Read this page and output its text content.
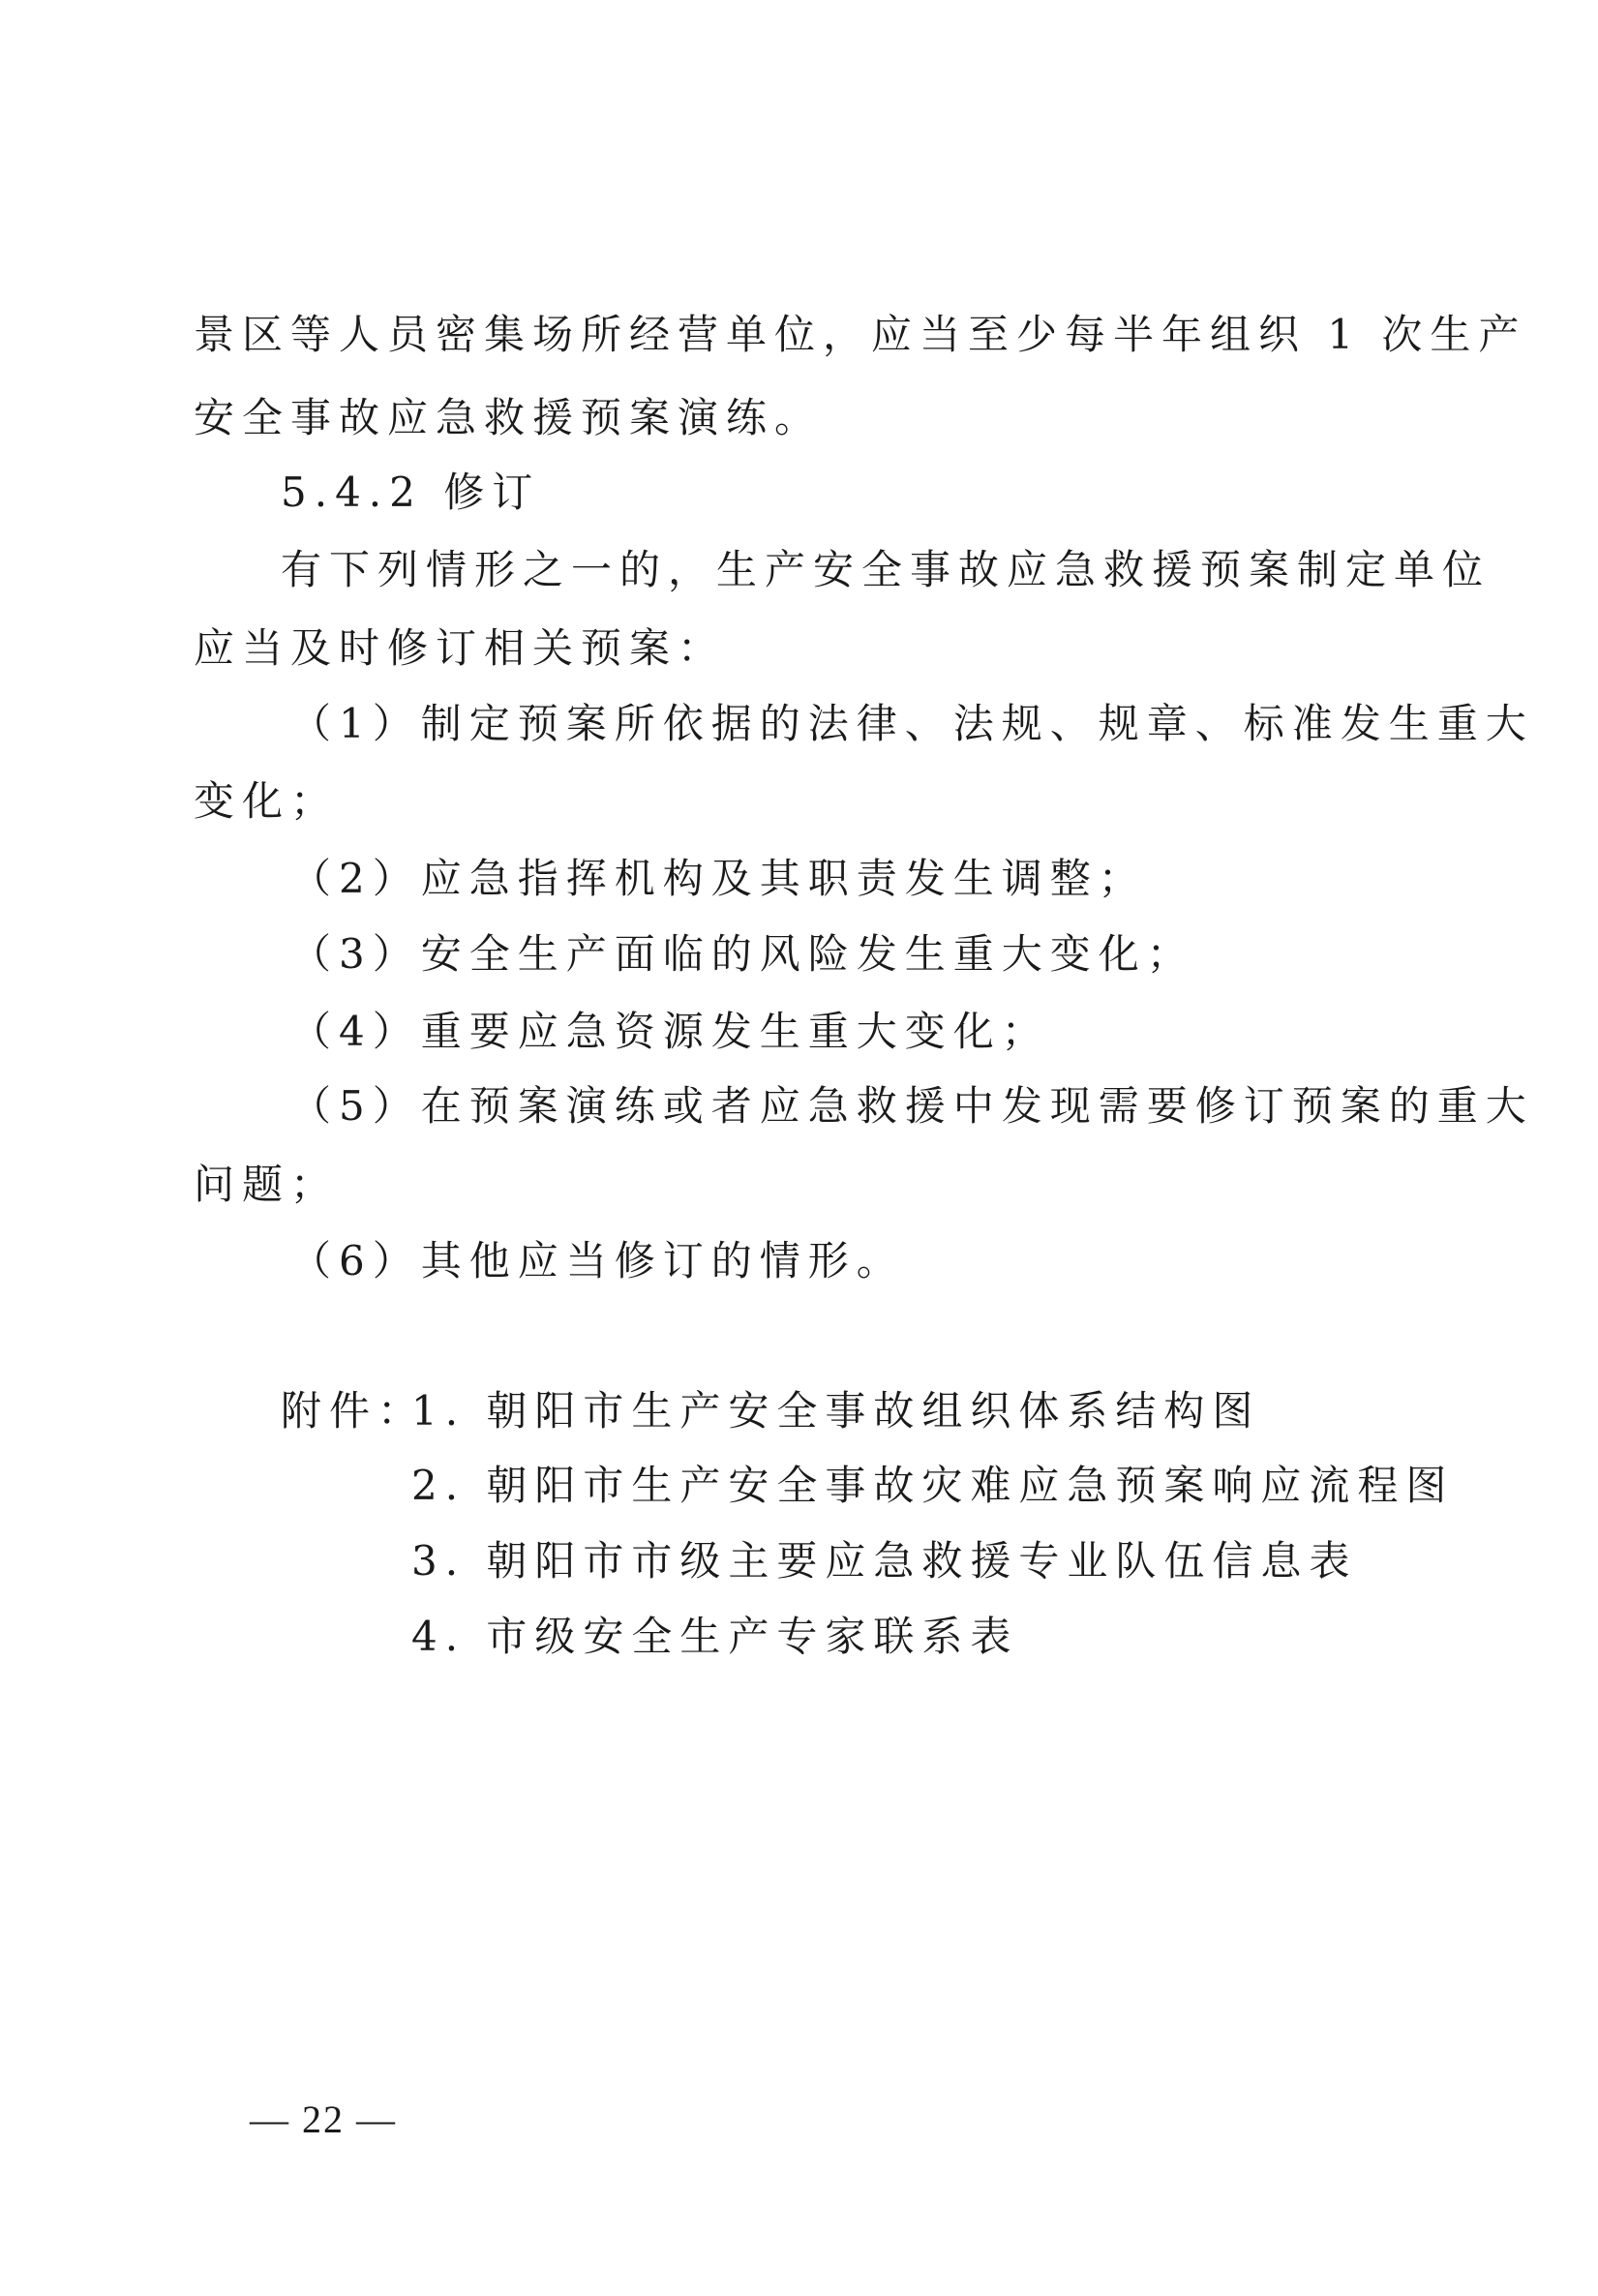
景区等人员密集场所经营单位，应当至少每半年组织 1 次生产
安全事故应急救援预案演练。
5.4.2 修订
有下列情形之一的，生产安全事故应急救援预案制定单位
应当及时修订相关预案：
（1）制定预案所依据的法律、法规、规章、标准发生重大
变化；
（2）应急指挥机构及其职责发生调整；
（3）安全生产面临的风险发生重大变化；
（4）重要应急资源发生重大变化；
（5）在预案演练或者应急救援中发现需要修订预案的重大
问题；
（6）其他应当修订的情形。
附件：
1. 朝阳市生产安全事故组织体系结构图
2. 朝阳市生产安全事故灾难应急预案响应流程图
3. 朝阳市市级主要应急救援专业队伍信息表
4. 市级安全生产专家联系表
— 22 —
